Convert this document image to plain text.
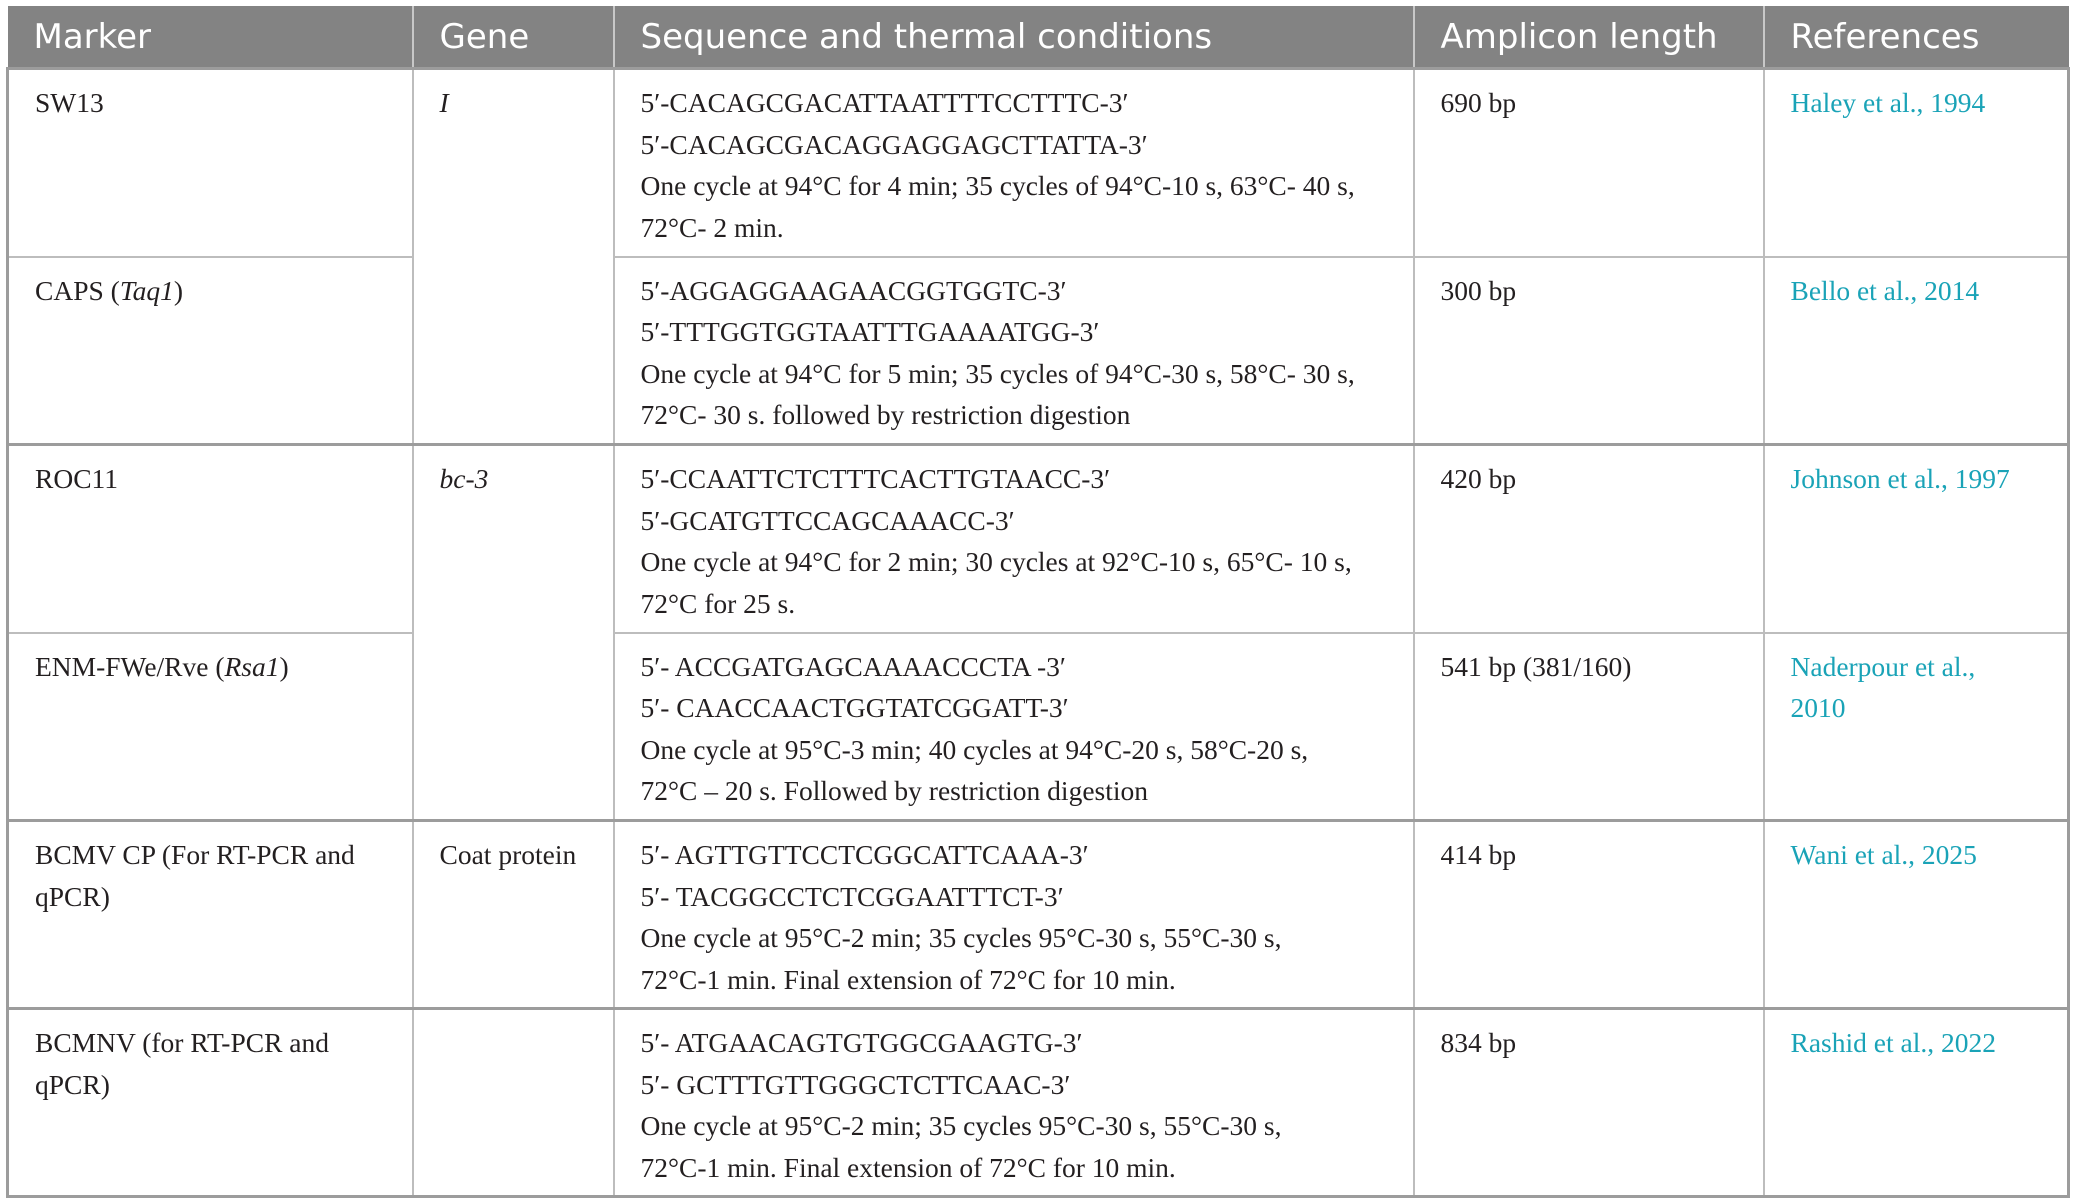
Marker	Gene	Sequence and thermal conditions	Amplicon length	References
SW13	I	5′-CACAGCGACATTAATTTTCCTTTC-3′
5′-CACAGCGACAGGAGGAGCTTATTA-3′
One cycle at 94°C for 4 min; 35 cycles of 94°C-10 s, 63°C- 40 s,
72°C- 2 min.	690 bp	Haley et al., 1994
CAPS (Taq1)		5′-AGGAGGAAGAACGGTGGTC-3′
5′-TTTGGTGGTAATTTGAAAATGG-3′
One cycle at 94°C for 5 min; 35 cycles of 94°C-30 s, 58°C- 30 s,
72°C- 30 s. followed by restriction digestion	300 bp	Bello et al., 2014
ROC11	bc-3	5′-CCAATTCTCTTTCACTTGTAACC-3′
5′-GCATGTTCCAGCAAACC-3′
One cycle at 94°C for 2 min; 30 cycles at 92°C-10 s, 65°C- 10 s,
72°C for 25 s.	420 bp	Johnson et al., 1997
ENM-FWe/Rve (Rsa1)		5′- ACCGATGAGCAAAACCCTA -3′
5′- CAACCAACTGGTATCGGATT-3′
One cycle at 95°C-3 min; 40 cycles at 94°C-20 s, 58°C-20 s,
72°C – 20 s. Followed by restriction digestion	541 bp (381/160)	Naderpour et al.,
2010
BCMV CP (For RT-PCR and
qPCR)	Coat protein	5′- AGTTGTTCCTCGGCATTCAAA-3′
5′- TACGGCCTCTCGGAATTTCT-3′
One cycle at 95°C-2 min; 35 cycles 95°C-30 s, 55°C-30 s,
72°C-1 min. Final extension of 72°C for 10 min.	414 bp	Wani et al., 2025
BCMNV (for RT-PCR and
qPCR)		5′- ATGAACAGTGTGGCGAAGTG-3′
5′- GCTTTGTTGGGCTCTTCAAC-3′
One cycle at 95°C-2 min; 35 cycles 95°C-30 s, 55°C-30 s,
72°C-1 min. Final extension of 72°C for 10 min.	834 bp	Rashid et al., 2022
